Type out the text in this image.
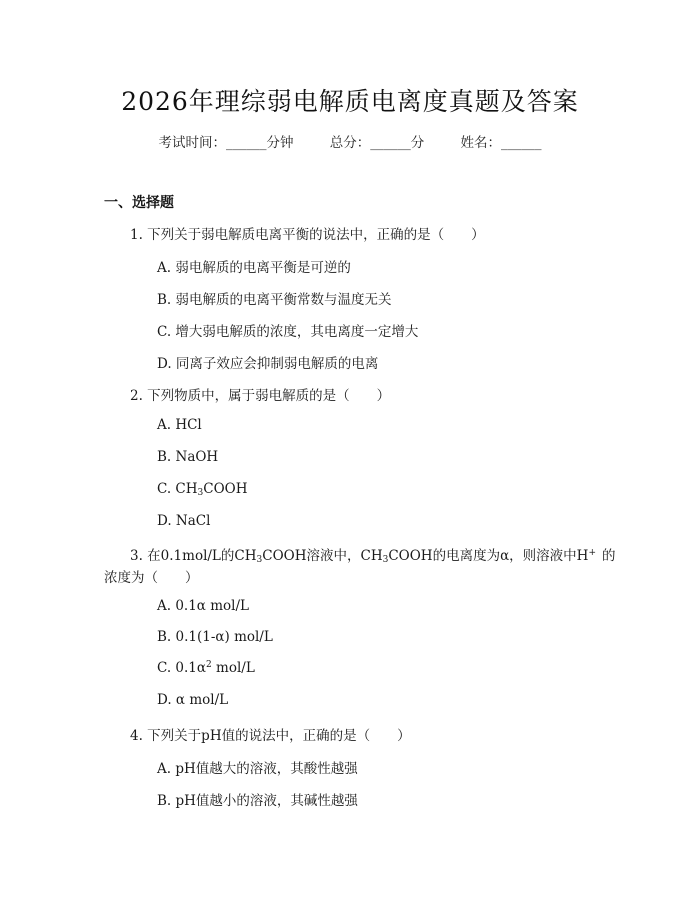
2026年理综弱电解质电离度真题及答案
考试时间：______分钟	总分：______分	姓名：______
一、选择题
1. 下列关于弱电解质电离平衡的说法中，正确的是（　　）
A. 弱电解质的电离平衡是可逆的
B. 弱电解质的电离平衡常数与温度无关
C. 增大弱电解质的浓度，其电离度一定增大
D. 同离子效应会抑制弱电解质的电离
2. 下列物质中，属于弱电解质的是（　　）
A. HCl
B. NaOH
C. $CH_3COOH$
D. NaCl
3. 在0.1mol/L的$CH_3COOH$溶液中，$CH_3COOH$的电离度为α，则溶液中H+ 的
浓度为（　　）
A. 0.1α mol/L
B. 0.1(1-α) mol/L
C. $0.1\alpha^2$ mol/L
D. α mol/L
4. 下列关于pH值的说法中，正确的是（　　）
A. pH值越大的溶液，其酸性越强
B. pH值越小的溶液，其碱性越强
